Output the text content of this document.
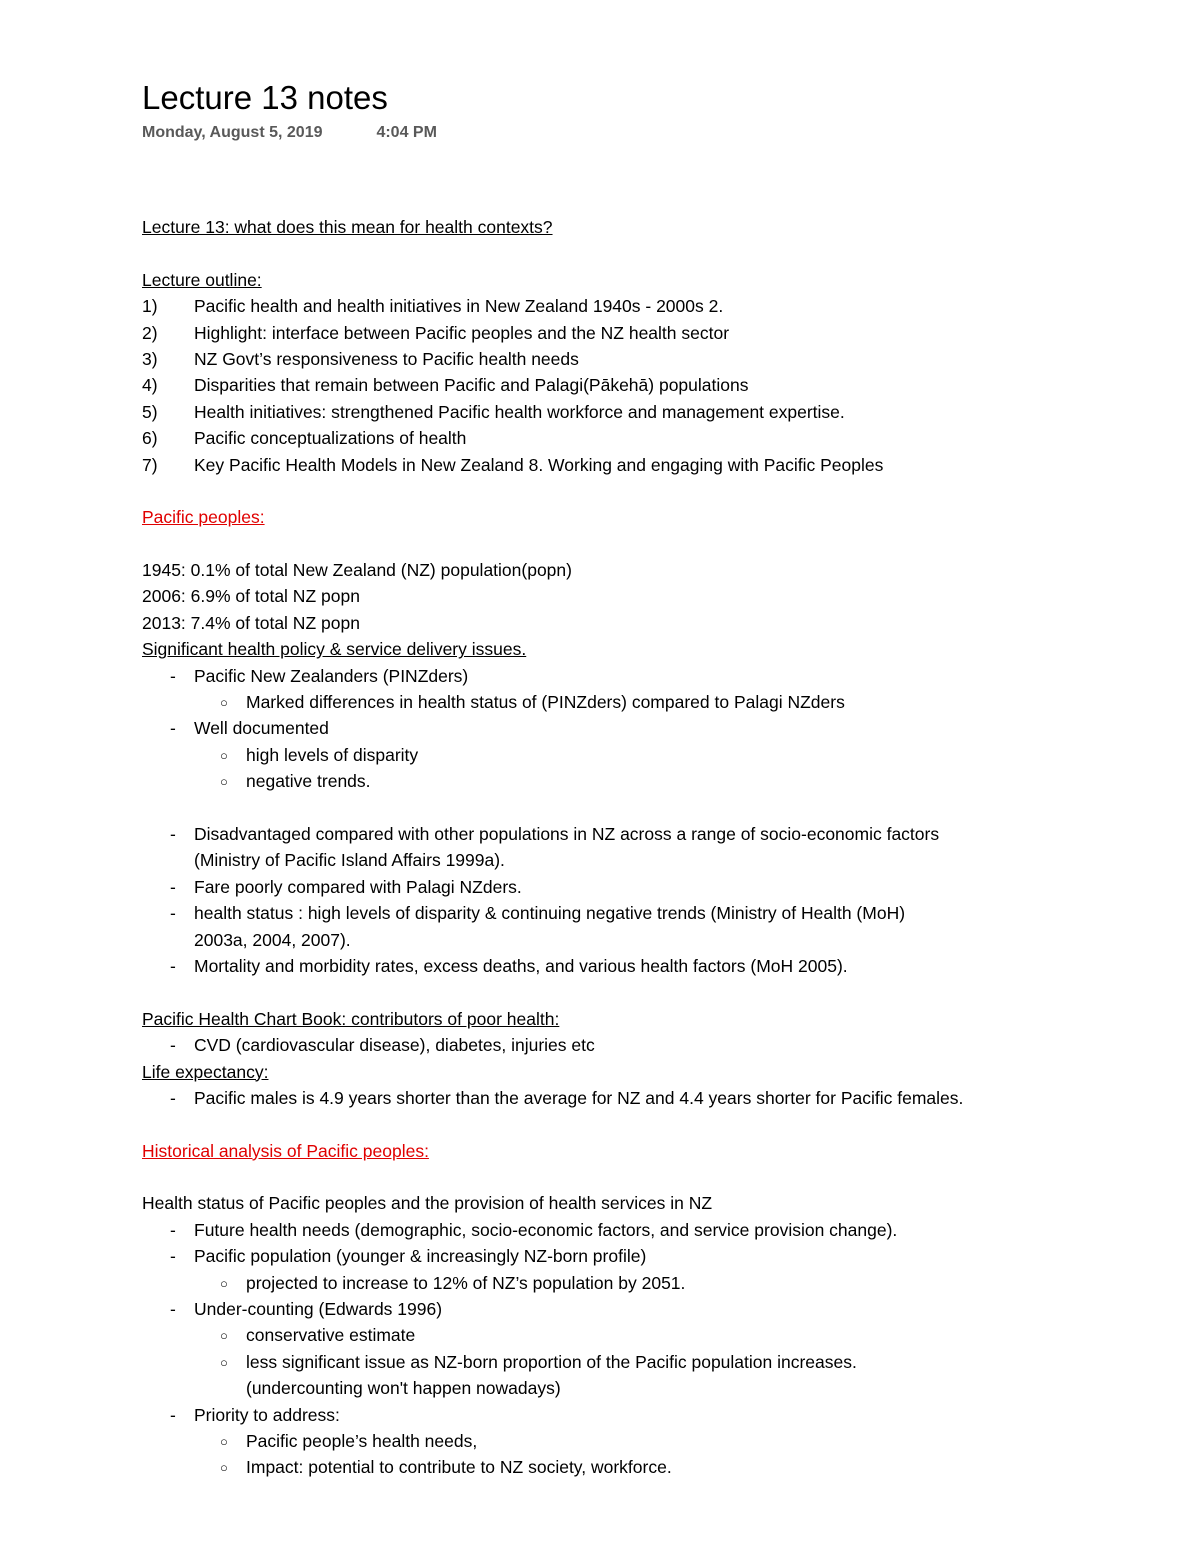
Lecture 13 notes
Monday, August 5, 2019	4:04 PM
Lecture 13: what does this mean for health contexts?
Lecture outline:
1) Pacific health and health initiatives in New Zealand 1940s - 2000s 2.
2) Highlight: interface between Pacific peoples and the NZ health sector
3) NZ Govt’s responsiveness to Pacific health needs
4) Disparities that remain between Pacific and Palagi(Pākehā) populations
5) Health initiatives: strengthened Pacific health workforce and management expertise.
6) Pacific conceptualizations of health
7) Key Pacific Health Models in New Zealand 8. Working and engaging with Pacific Peoples
Pacific peoples:
1945: 0.1% of total New Zealand (NZ) population(popn)
2006: 6.9% of total NZ popn
2013: 7.4% of total NZ popn
Significant health policy & service delivery issues.
- Pacific New Zealanders (PINZders)
○ Marked differences in health status of (PINZders) compared to Palagi NZders
- Well documented
○ high levels of disparity
○ negative trends.
- Disadvantaged compared with other populations in NZ across a range of socio-economic factors
(Ministry of Pacific Island Affairs 1999a).
- Fare poorly compared with Palagi NZders.
- health status : high levels of disparity & continuing negative trends (Ministry of Health (MoH)
2003a, 2004, 2007).
- Mortality and morbidity rates, excess deaths, and various health factors (MoH 2005).
Pacific Health Chart Book: contributors of poor health:
- CVD (cardiovascular disease), diabetes, injuries etc
Life expectancy:
- Pacific males is 4.9 years shorter than the average for NZ and 4.4 years shorter for Pacific females.
Historical analysis of Pacific peoples:
Health status of Pacific peoples and the provision of health services in NZ
- Future health needs (demographic, socio-economic factors, and service provision change).
- Pacific population (younger & increasingly NZ-born profile)
○ projected to increase to 12% of NZ’s population by 2051.
- Under-counting (Edwards 1996)
○ conservative estimate
○ less significant issue as NZ-born proportion of the Pacific population increases.
(undercounting won't happen nowadays)
- Priority to address:
○ Pacific people’s health needs,
○ Impact: potential to contribute to NZ society, workforce.
